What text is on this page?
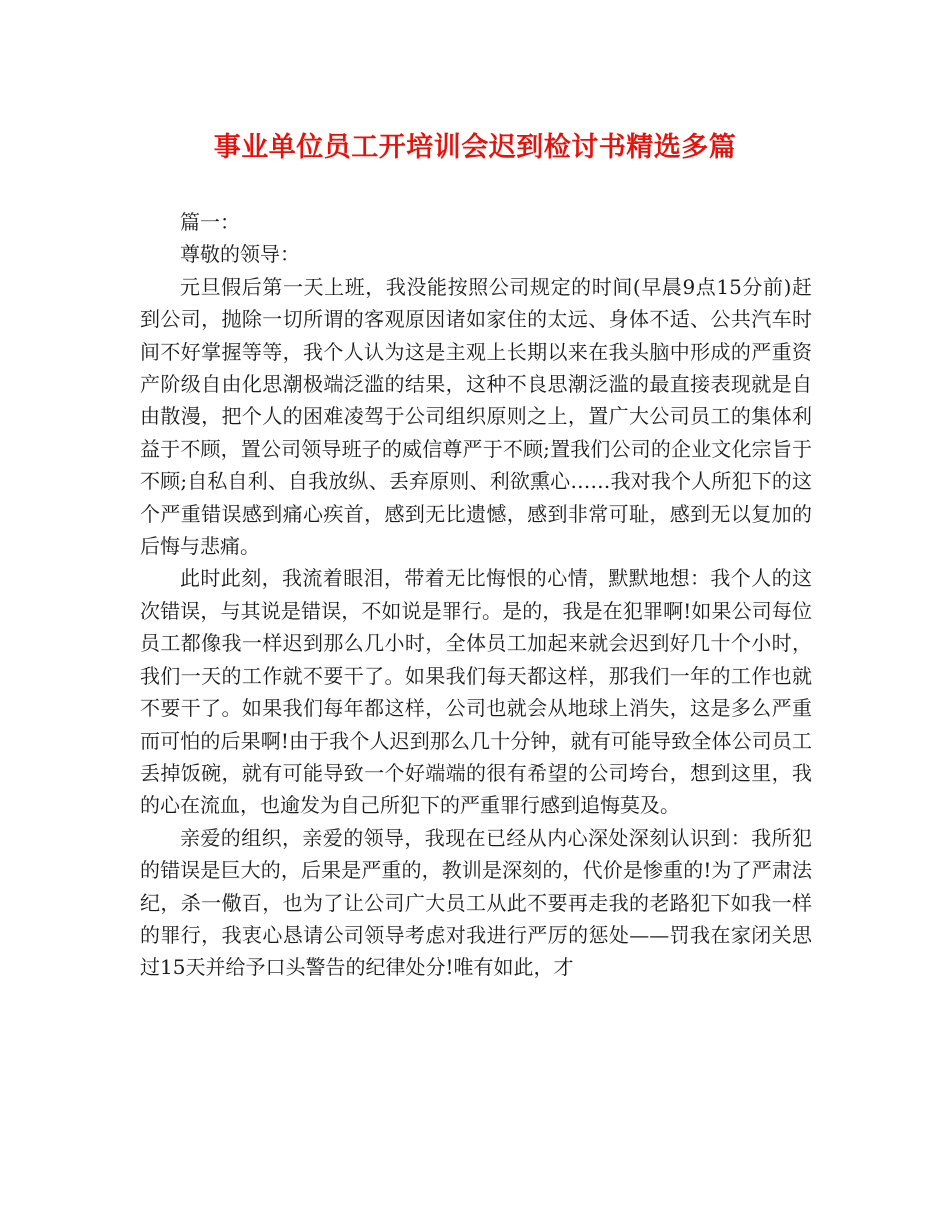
事业单位员工开培训会迟到检讨书精选多篇

篇一：

尊敬的领导：

元旦假后第一天上班，我没能按照公司规定的时间(早晨9点15分前)赶到公司，抛除一切所谓的客观原因诸如家住的太远、身体不适、公共汽车时间不好掌握等等，我个人认为这是主观上长期以来在我头脑中形成的严重资产阶级自由化思潮极端泛滥的结果，这种不良思潮泛滥的最直接表现就是自由散漫，把个人的困难凌驾于公司组织原则之上，置广大公司员工的集体利益于不顾，置公司领导班子的威信尊严于不顾;置我们公司的企业文化宗旨于不顾;自私自利、自我放纵、丢弃原则、利欲熏心……我对我个人所犯下的这个严重错误感到痛心疾首，感到无比遗憾，感到非常可耻，感到无以复加的后悔与悲痛。

此时此刻，我流着眼泪，带着无比悔恨的心情，默默地想：我个人的这次错误，与其说是错误，不如说是罪行。是的，我是在犯罪啊!如果公司每位员工都像我一样迟到那么几小时，全体员工加起来就会迟到好几十个小时，我们一天的工作就不要干了。如果我们每天都这样，那我们一年的工作也就不要干了。如果我们每年都这样，公司也就会从地球上消失，这是多么严重而可怕的后果啊!由于我个人迟到那么几十分钟，就有可能导致全体公司员工丢掉饭碗，就有可能导致一个好端端的很有希望的公司垮台，想到这里，我的心在流血，也逾发为自己所犯下的严重罪行感到追悔莫及。

亲爱的组织，亲爱的领导，我现在已经从内心深处深刻认识到：我所犯的错误是巨大的，后果是严重的，教训是深刻的，代价是惨重的!为了严肃法纪，杀一儆百，也为了让公司广大员工从此不要再走我的老路犯下如我一样的罪行，我衷心恳请公司领导考虑对我进行严厉的惩处——罚我在家闭关思过15天并给予口头警告的纪律处分!唯有如此，才
